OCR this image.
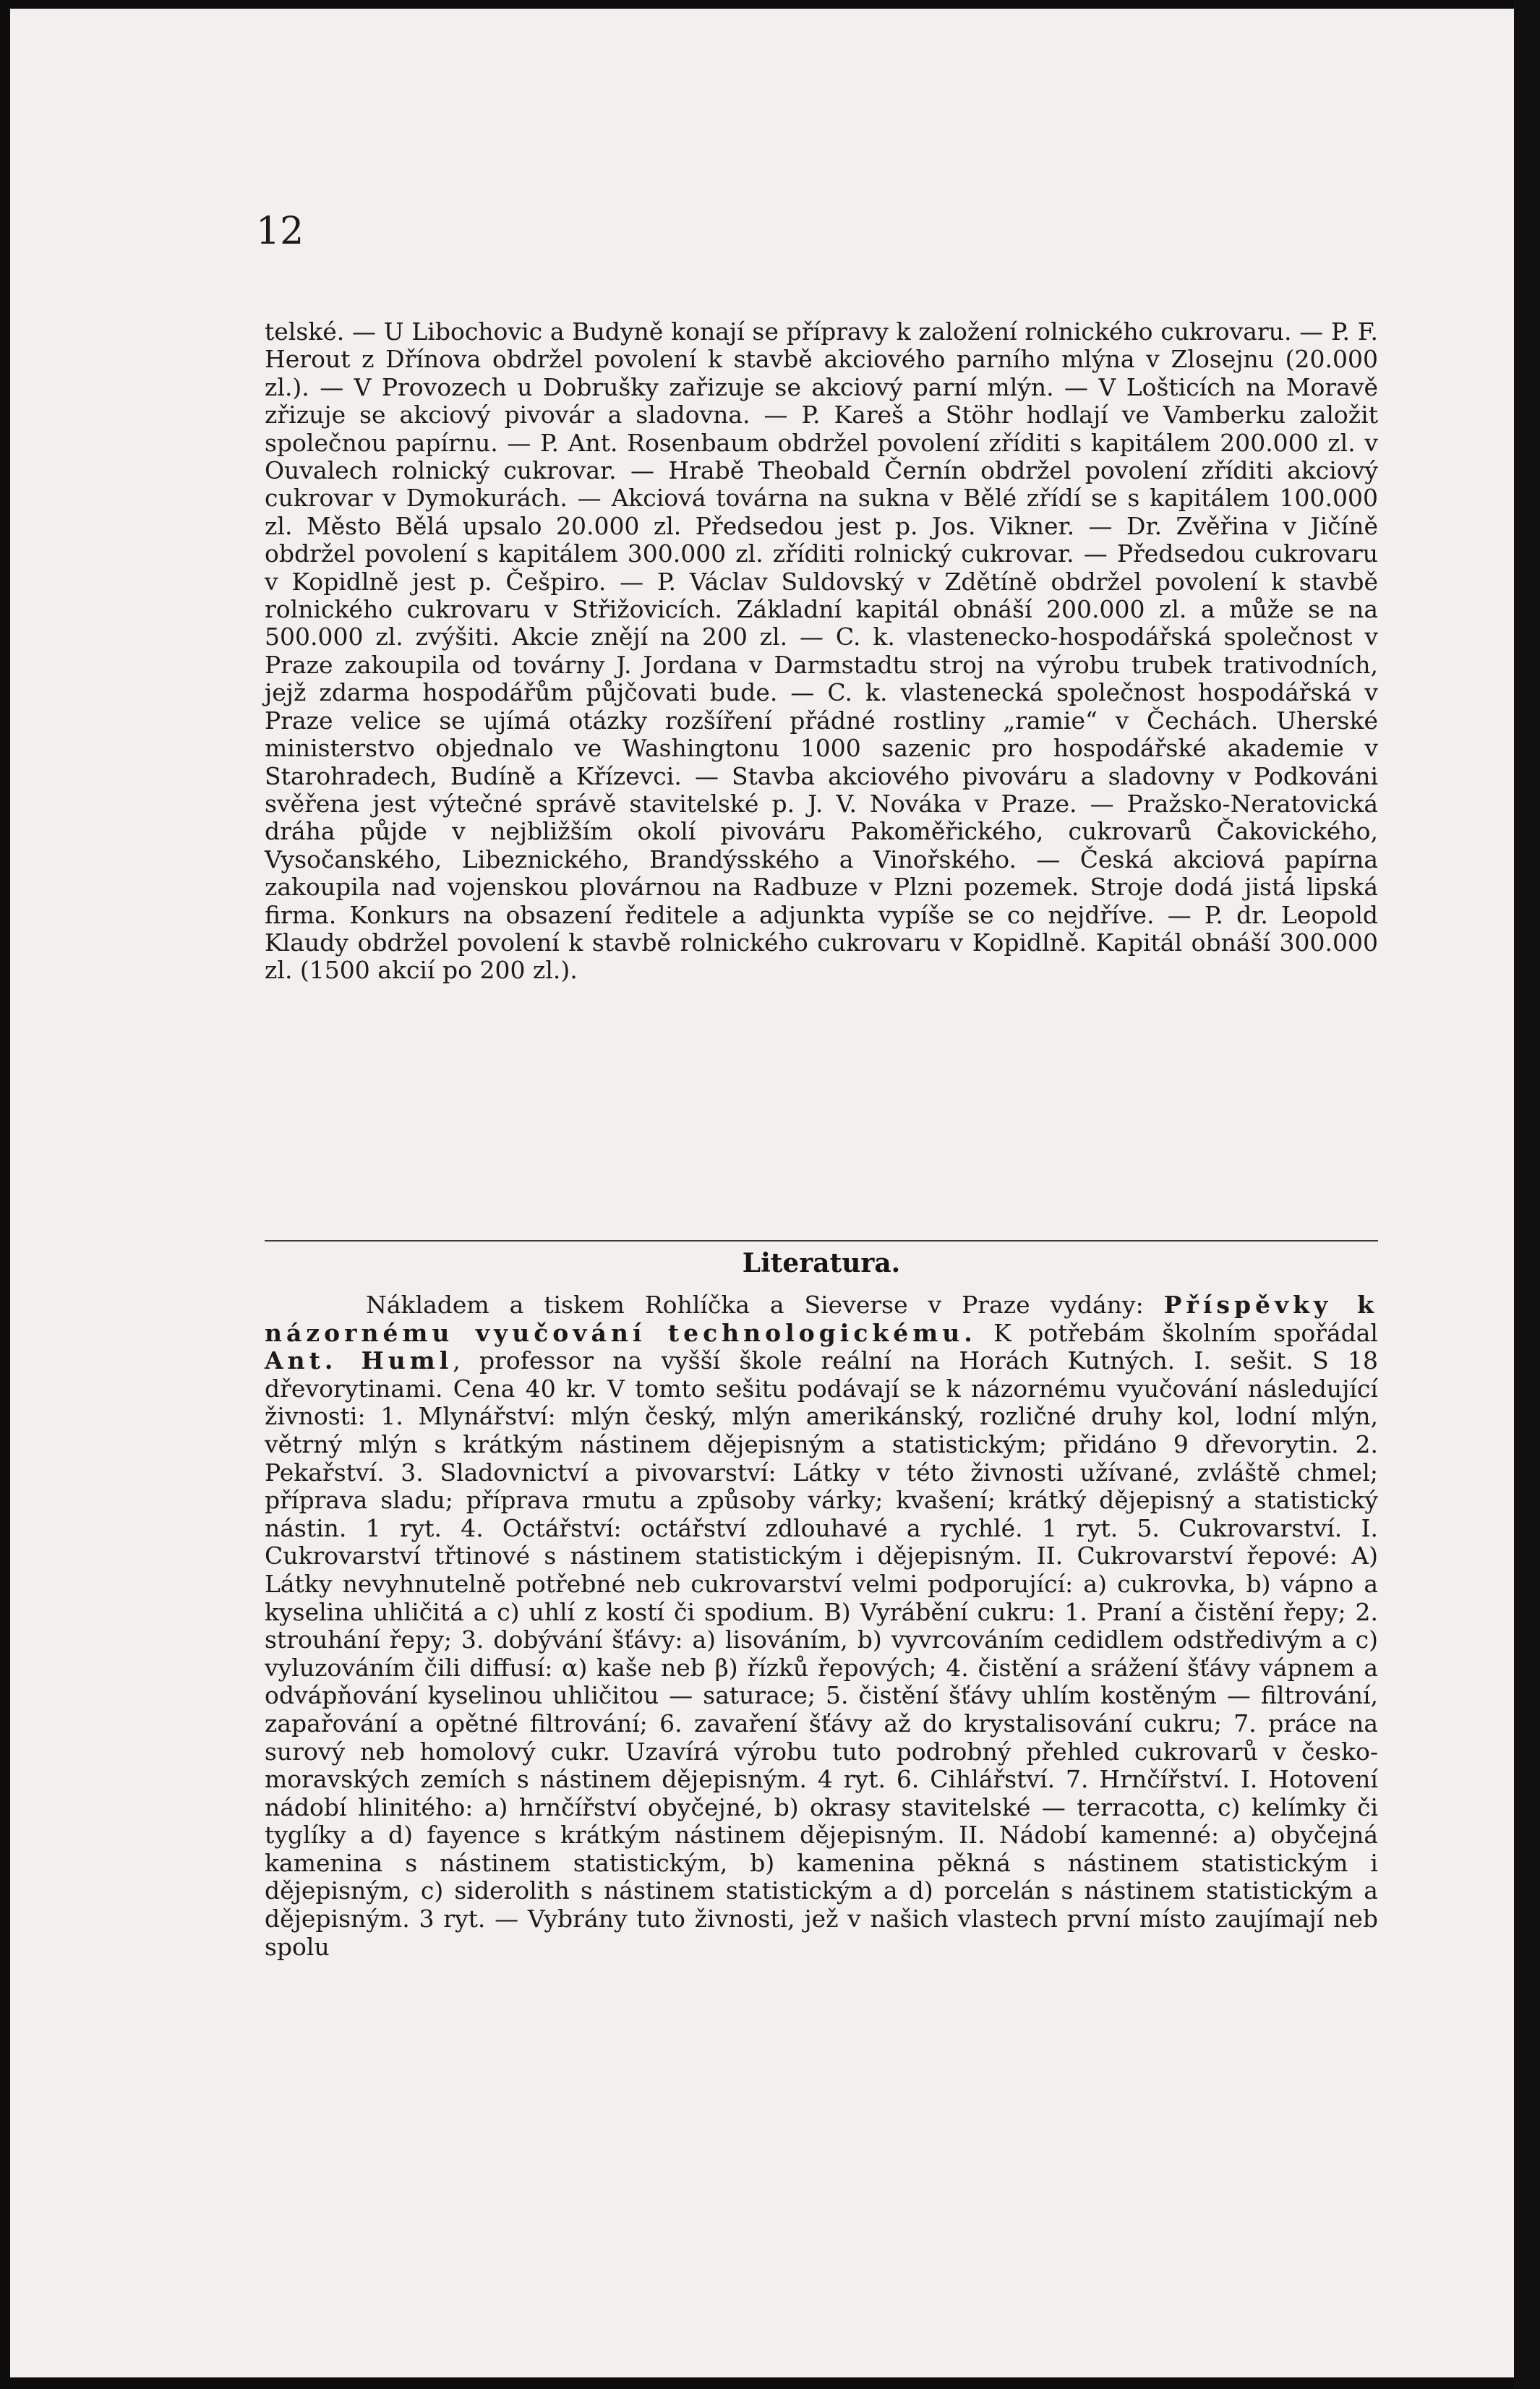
12

telské. — U Libochovic a Budyně konají se přípravy k založení rolnického cukrovaru. — P. F. Herout z Dřínova obdržel povolení k stavbě akciového parního mlýna v Zlosejnu (20.000 zl.). — V Provozech u Dobrušky zařizuje se akciový parní mlýn. — V Lošticích na Moravě zřizuje se akciový pivovár a sladovna. — P. Kareš a Stöhr hodlají ve Vamberku založit společnou papírnu. — P. Ant. Rosenbaum obdržel povolení zříditi s kapitálem 200.000 zl. v Ouvalech rolnický cukrovar. — Hrabě Theobald Černín obdržel povolení zříditi akciový cukrovar v Dymokurách. — Akciová továrna na sukna v Bělé zřídí se s kapitálem 100.000 zl. Město Bělá upsalo 20.000 zl. Předsedou jest p. Jos. Vikner. — Dr. Zvěřina v Jičíně obdržel povolení s kapitálem 300.000 zl. zříditi rolnický cukrovar. — Předsedou cukrovaru v Kopidlně jest p. Češpiro. — P. Václav Suldovský v Zdětíně obdržel povolení k stavbě rolnického cukrovaru v Střižovicích. Základní kapitál obnáší 200.000 zl. a může se na 500.000 zl. zvýšiti. Akcie znějí na 200 zl. — C. k. vlastenecko-hospodářská společnost v Praze zakoupila od továrny J. Jordana v Darmstadtu stroj na výrobu trubek trativodních, jejž zdarma hospodářům půjčovati bude. — C. k. vlastenecká společnost hospodářská v Praze velice se ujímá otázky rozšíření přádné rostliny „ramie“ v Čechách. Uherské ministerstvo objednalo ve Washingtonu 1000 sazenic pro hospodářské akademie v Starohradech, Budíně a Křízevci. — Stavba akciového pivováru a sladovny v Podkováni svěřena jest výtečné správě stavitelské p. J. V. Nováka v Praze. — Pražsko-Neratovická dráha půjde v nejbližším okolí pivováru Pakoměřického, cukrovarů Čakovického, Vysočanského, Libeznického, Brandýsského a Vinořského. — Česká akciová papírna zakoupila nad vojenskou plovárnou na Radbuze v Plzni pozemek. Stroje dodá jistá lipská firma. Konkurs na obsazení ředitele a adjunkta vypíše se co nejdříve. — P. dr. Leopold Klaudy obdržel povolení k stavbě rolnického cukrovaru v Kopidlně. Kapitál obnáší 300.000 zl. (1500 akcií po 200 zl.).

Literatura.

Nákladem a tiskem Rohlíčka a Sieverse v Praze vydány: Příspěvky k názornému vyučování technologickému. K potřebám školním spořádal Ant. Huml, professor na vyšší škole reální na Horách Kutných. I. sešit. S 18 dřevorytinami. Cena 40 kr. V tomto sešitu podávají se k názornému vyučování následující živnosti: 1. Mlynářství: mlýn český, mlýn amerikánský, rozličné druhy kol, lodní mlýn, větrný mlýn s krátkým nástinem dějepisným a statistickým; přidáno 9 dřevorytin. 2. Pekařství. 3. Sladovnictví a pivovarství: Látky v této živnosti užívané, zvláště chmel; příprava sladu; příprava rmutu a způsoby várky; kvašení; krátký dějepisný a statistický nástin. 1 ryt. 4. Octářství: octářství zdlouhavé a rychlé. 1 ryt. 5. Cukrovarství. I. Cukrovarství třtinové s nástinem statistickým i dějepisným. II. Cukrovarství řepové: A) Látky nevyhnutelně potřebné neb cukrovarství velmi podporující: a) cukrovka, b) vápno a kyselina uhličitá a c) uhlí z kostí či spodium. B) Vyrábění cukru: 1. Praní a čistění řepy; 2. strouhání řepy; 3. dobývání šťávy: a) lisováním, b) vyvrcováním cedidlem odstředivým a c) vyluzováním čili diffusí: α) kaše neb β) řízků řepových; 4. čistění a srážení šťávy vápnem a odvápňování kyselinou uhličitou — saturace; 5. čistění šťávy uhlím kostěným — filtrování, zapařování a opětné filtrování; 6. zavaření šťávy až do krystalisování cukru; 7. práce na surový neb homolový cukr. Uzavírá výrobu tuto podrobný přehled cukrovarů v česko-moravských zemích s nástinem dějepisným. 4 ryt. 6. Cihlářství. 7. Hrnčířství. I. Hotovení nádobí hlinitého: a) hrnčířství obyčejné, b) okrasy stavitelské — terracotta, c) kelímky či tyglíky a d) fayence s krátkým nástinem dějepisným. II. Nádobí kamenné: a) obyčejná kamenina s nástinem statistickým, b) kamenina pěkná s nástinem statistickým i dějepisným, c) siderolith s nástinem statistickým a d) porcelán s nástinem statistickým a dějepisným. 3 ryt. — Vybrány tuto živnosti, jež v našich vlastech první místo zaujímají neb spolu
